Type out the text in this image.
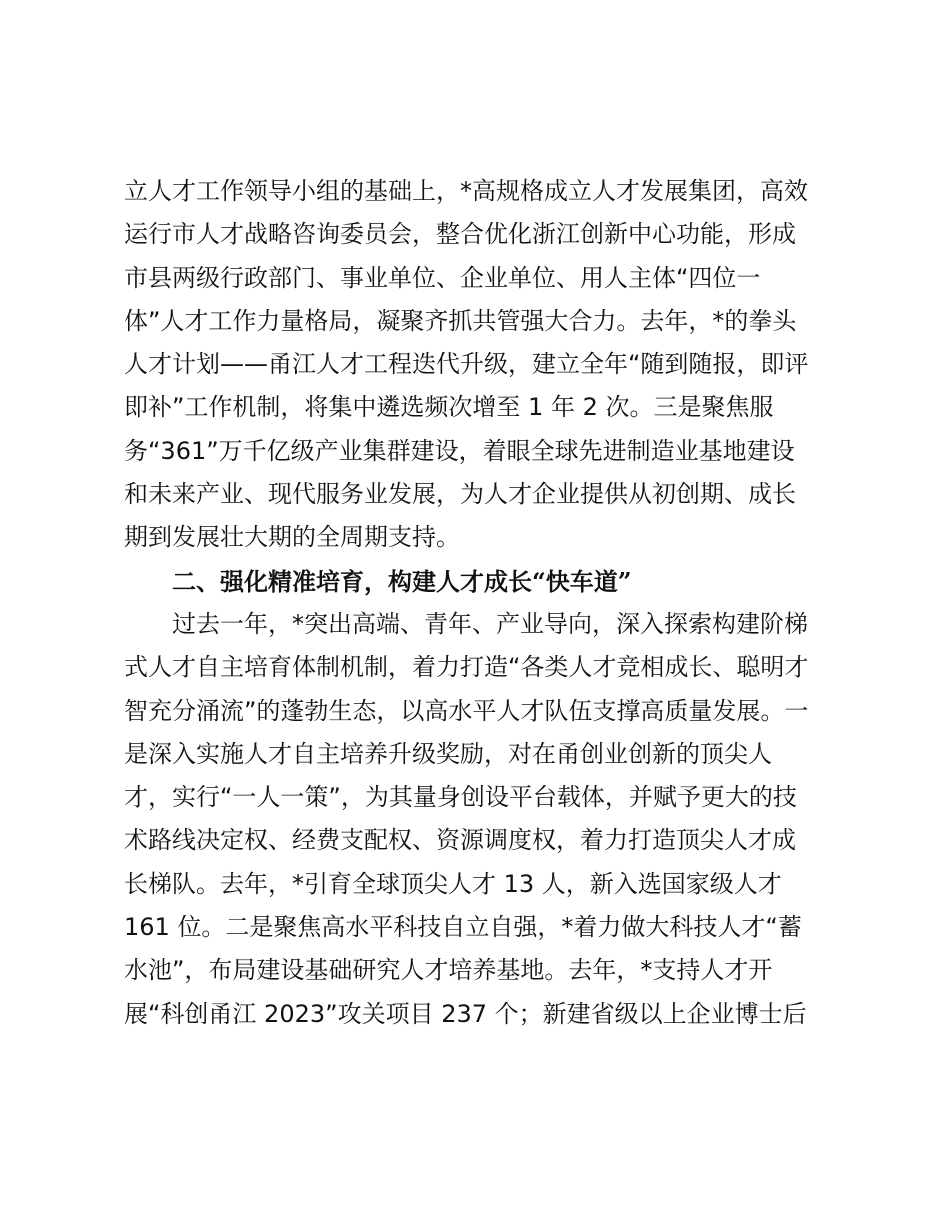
立人才工作领导小组的基础上，*高规格成立人才发展集团，高效
运行市人才战略咨询委员会，整合优化浙江创新中心功能，形成
市县两级行政部门、事业单位、企业单位、用人主体“四位一
体”人才工作力量格局，凝聚齐抓共管强大合力。去年，*的拳头
人才计划——甬江人才工程迭代升级，建立全年“随到随报，即评
即补”工作机制，将集中遴选频次增至 1 年 2 次。三是聚焦服
务“361”万千亿级产业集群建设，着眼全球先进制造业基地建设
和未来产业、现代服务业发展，为人才企业提供从初创期、成长
期到发展壮大期的全周期支持。
二、强化精准培育，构建人才成长“快车道”
过去一年，*突出高端、青年、产业导向，深入探索构建阶梯
式人才自主培育体制机制，着力打造“各类人才竞相成长、聪明才
智充分涌流”的蓬勃生态，以高水平人才队伍支撑高质量发展。一
是深入实施人才自主培养升级奖励，对在甬创业创新的顶尖人
才，实行“一人一策”，为其量身创设平台载体，并赋予更大的技
术路线决定权、经费支配权、资源调度权，着力打造顶尖人才成
长梯队。去年，*引育全球顶尖人才 13 人，新入选国家级人才
161 位。二是聚焦高水平科技自立自强，*着力做大科技人才“蓄
水池”，布局建设基础研究人才培养基地。去年，*支持人才开
展“科创甬江 2023”攻关项目 237 个；新建省级以上企业博士后
